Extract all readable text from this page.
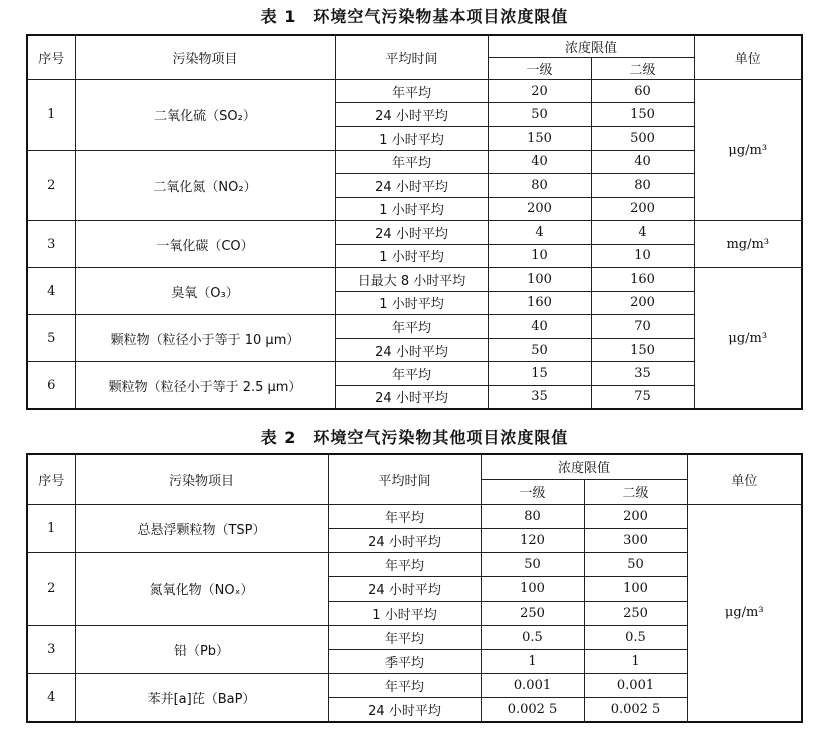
表 1　环境空气污染物基本项目浓度限值
序号	污染物项目	平均时间	浓度限值		单位
			一级	二级	
1	二氧化硫（SO₂）	年平均	20	60	μg/m³
		24 小时平均	50	150	
		1 小时平均	150	500	
2	二氧化氮（NO₂）	年平均	40	40	
		24 小时平均	80	80	
		1 小时平均	200	200	
3	一氧化碳（CO）	24 小时平均	4	4	mg/m³
		1 小时平均	10	10	
4	臭氧（O₃）	日最大 8 小时平均	100	160	μg/m³
		1 小时平均	160	200	
5	颗粒物（粒径小于等于 10 μm）	年平均	40	70	
		24 小时平均	50	150	
6	颗粒物（粒径小于等于 2.5 μm）	年平均	15	35	
		24 小时平均	35	75	
表 2　环境空气污染物其他项目浓度限值
序号	污染物项目	平均时间	浓度限值		单位
			一级	二级	
1	总悬浮颗粒物（TSP）	年平均	80	200	μg/m³
		24 小时平均	120	300	
2	氮氧化物（NOₓ）	年平均	50	50	
		24 小时平均	100	100	
		1 小时平均	250	250	
3	铅（Pb）	年平均	0.5	0.5	
		季平均	1	1	
4	苯并[a]芘（BaP）	年平均	0.001	0.001	
		24 小时平均	0.002 5	0.002 5	
